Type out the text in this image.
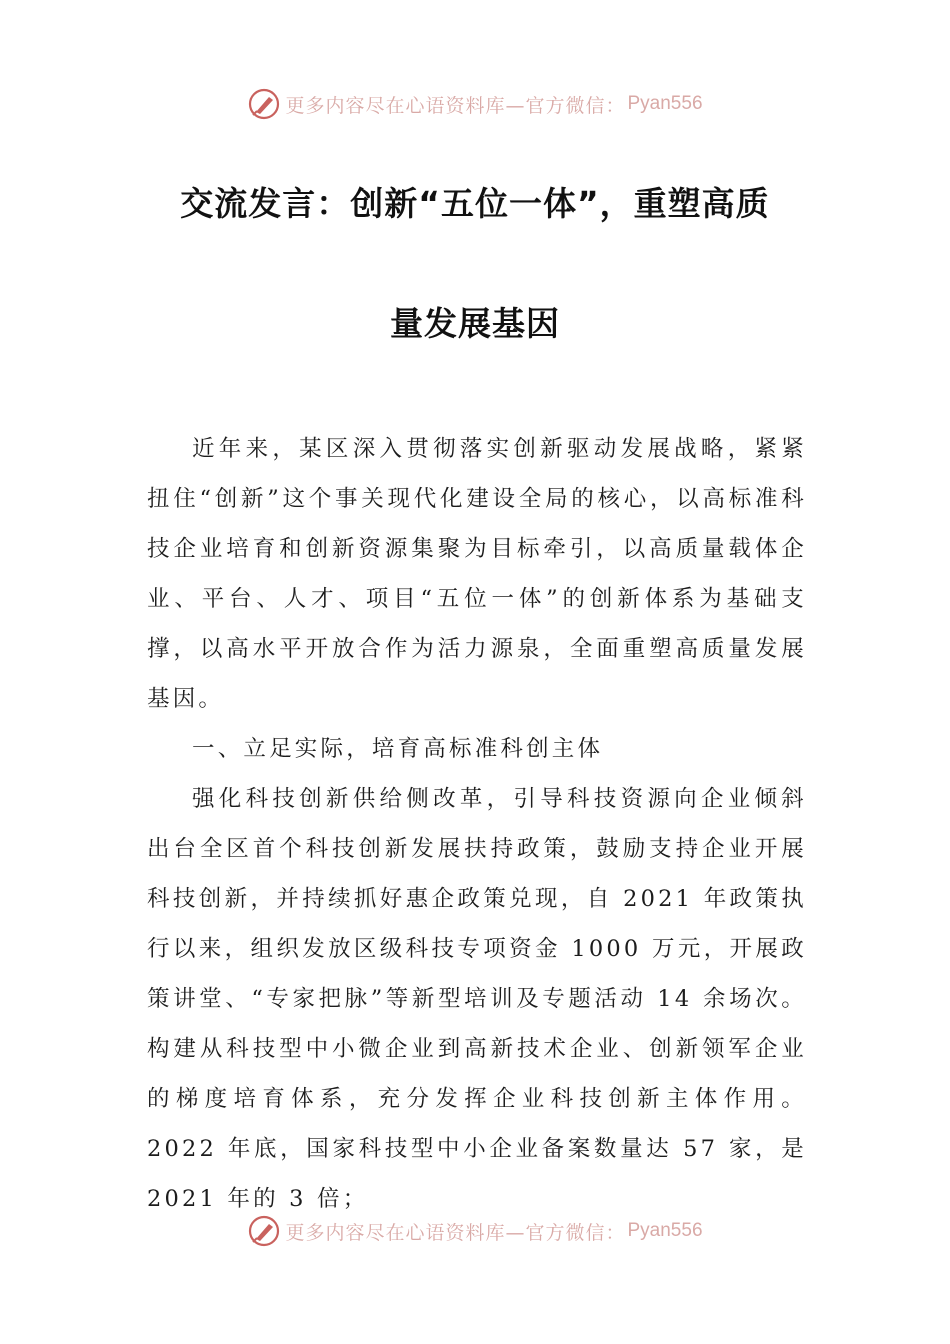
更多内容尽在心语资料库—官方微信： Pyan556
交流发言：创新“五位一体”，重塑高质
量发展基因

近年来，某区深入贯彻落实创新驱动发展战略，紧紧扭住“创新”这个事关现代化建设全局的核心，以高标准科技企业培育和创新资源集聚为目标牵引，以高质量载体企业、平台、人才、项目“五位一体”的创新体系为基础支撑，以高水平开放合作为活力源泉，全面重塑高质量发展基因。

一、立足实际，培育高标准科创主体

强化科技创新供给侧改革，引导科技资源向企业倾斜出台全区首个科技创新发展扶持政策，鼓励支持企业开展科技创新，并持续抓好惠企政策兑现，自 2021 年政策执行以来，组织发放区级科技专项资金 1000 万元，开展政策讲堂、“专家把脉”等新型培训及专题活动 14 余场次。构建从科技型中小微企业到高新技术企业、创新领军企业的梯度培育体系，充分发挥企业科技创新主体作用。2022 年底，国家科技型中小企业备案数量达 57 家，是 2021 年的 3 倍；

更多内容尽在心语资料库—官方微信： Pyan556
